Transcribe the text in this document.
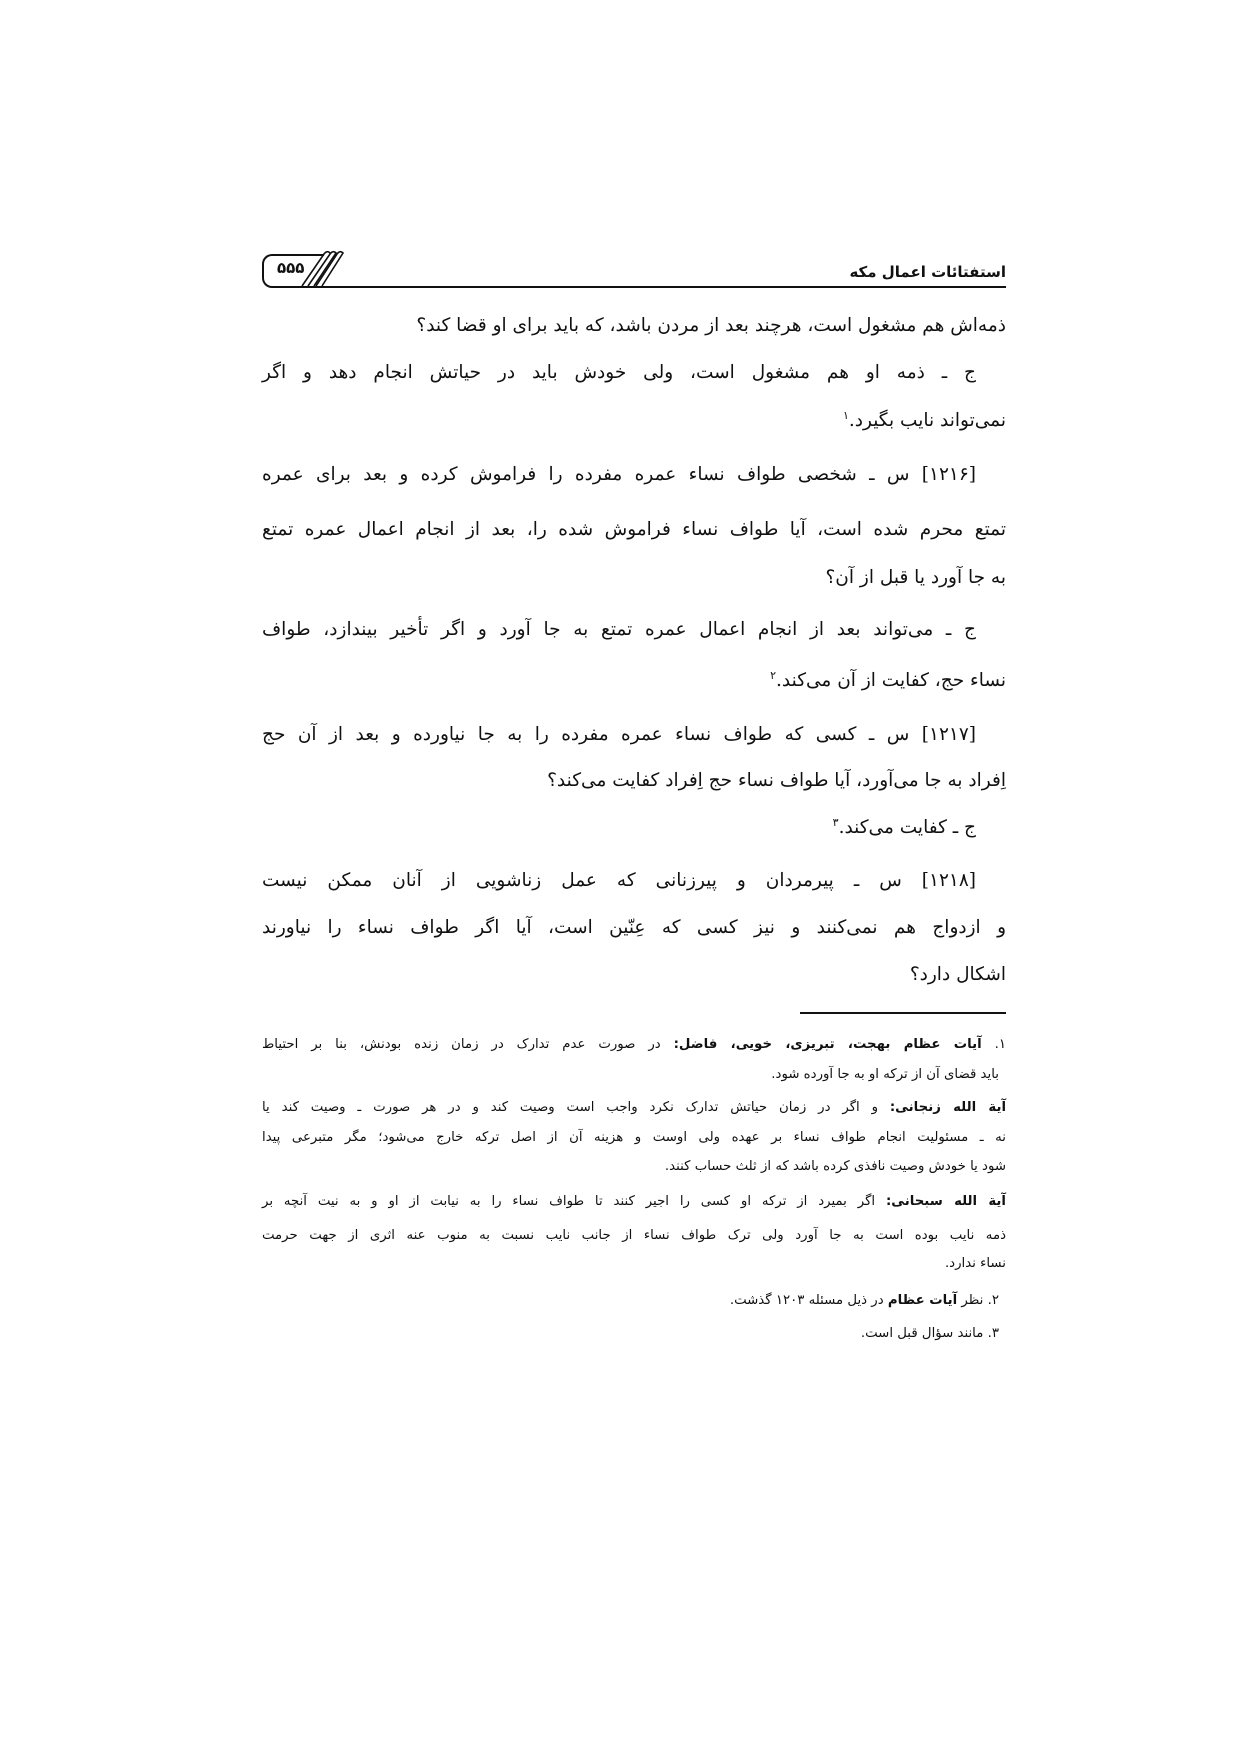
۵۵۵	استفتائات اعمال مکه
ذمه‌اش هم مشغول است، هرچند بعد از مردن باشد، که باید برای او قضا کند؟
ج ـ ذمه او هم مشغول است، ولی خودش باید در حیاتش انجام دهد و اگر
نمی‌تواند نایب بگیرد.$^۱$
[۱۲۱۶] س ـ شخصی طواف نساء عمره مفرده را فراموش کرده و بعد برای عمره
تمتع محرم شده است، آیا طواف نساء فراموش شده را، بعد از انجام اعمال عمره تمتع
به جا آورد یا قبل از آن؟
ج ـ می‌تواند بعد از انجام اعمال عمره تمتع به جا آورد و اگر تأخیر بیندازد، طواف
نساء حج، کفایت از آن می‌کند.$^۲$
[۱۲۱۷] س ـ کسی که طواف نساء عمره مفرده را به جا نیاورده و بعد از آن حج
اِفراد به جا می‌آورد، آیا طواف نساء حج اِفراد کفایت می‌کند؟
ج ـ کفایت می‌کند.$^۳$
[۱۲۱۸] س ـ پیرمردان و پیرزنانی که عمل زناشویی از آنان ممکن نیست
و ازدواج هم نمی‌کنند و نیز کسی که عِنّین است، آیا اگر طواف نساء را نیاورند
اشکال دارد؟
۱. آیات عظام بهجت، تبریزی، خویی، فاضل: در صورت عدم تدارک در زمان زنده بودنش، بنا بر احتیاط
باید قضای آن از ترکه او به جا آورده شود.
آیة الله زنجانی: و اگر در زمان حیاتش تدارک نکرد واجب است وصیت کند و در هر صورت ـ وصیت کند یا
نه ـ مسئولیت انجام طواف نساء بر عهده ولی اوست و هزینه آن از اصل ترکه خارج می‌شود؛ مگر متبرعی پیدا
شود یا خودش وصیت نافذی کرده باشد که از ثلث حساب کنند.
آیة الله سبحانی: اگر بمیرد از ترکه او کسی را اجیر کنند تا طواف نساء را به نیابت از او و به نیت آنچه بر
ذمه نایب بوده است به جا آورد ولی ترک طواف نساء از جانب نایب نسبت به منوب عنه اثری از جهت حرمت
نساء ندارد.
۲. نظر آیات عظام در ذیل مسئله ۱۲۰۳ گذشت.
۳. مانند سؤال قبل است.
